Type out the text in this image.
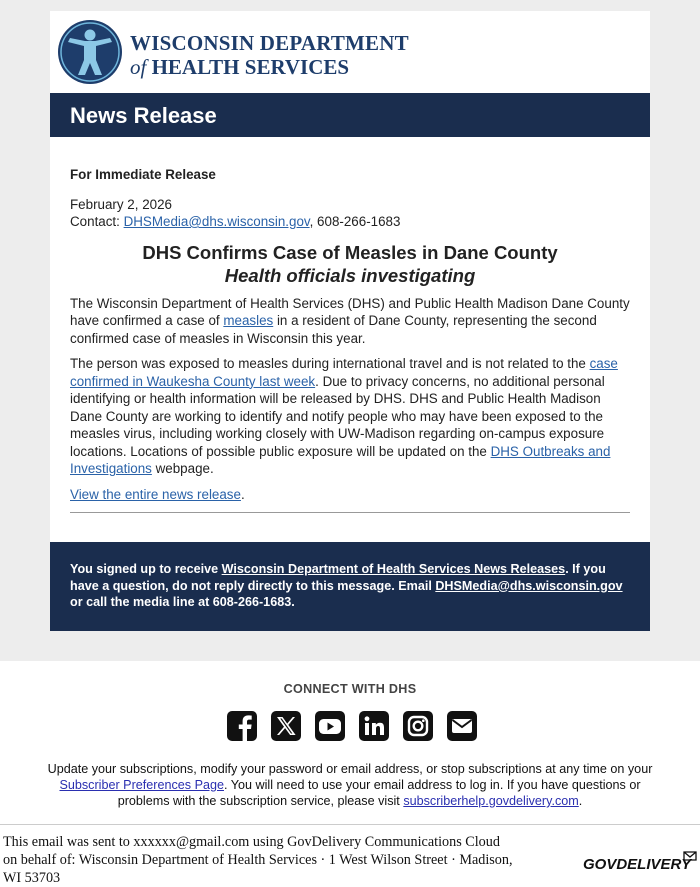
WISCONSIN DEPARTMENT
of HEALTH SERVICES
News Release

For Immediate Release

February 2, 2026

Contact: DHSMedia@dhs.wisconsin.gov, 608-266-1683

DHS Confirms Case of Measles in Dane County

Health officials investigating

The Wisconsin Department of Health Services (DHS) and Public Health Madison Dane County have confirmed a case of measles in a resident of Dane County, representing the second confirmed case of measles in Wisconsin this year.

The person was exposed to measles during international travel and is not related to the case confirmed in Waukesha County last week. Due to privacy concerns, no additional personal identifying or health information will be released by DHS. DHS and Public Health Madison Dane County are working to identify and notify people who may have been exposed to the measles virus, including working closely with UW-Madison regarding on-campus exposure locations. Locations of possible public exposure will be updated on the DHS Outbreaks and Investigations webpage.

View the entire news release.

You signed up to receive Wisconsin Department of Health Services News Releases. If you have a question, do not reply directly to this message. Email DHSMedia@dhs.wisconsin.gov or call the media line at 608-266-1683.
CONNECT WITH DHS
Update your subscriptions, modify your password or email address, or stop subscriptions at any time on your Subscriber Preferences Page. You will need to use your email address to log in. If you have questions or problems with the subscription service, please visit subscriberhelp.govdelivery.com.
This email was sent to xxxxxx@gmail.com using GovDelivery Communications Cloud
on behalf of: Wisconsin Department of Health Services · 1 West Wilson Street · Madison,
WI 53703
GOVDELIVERY
